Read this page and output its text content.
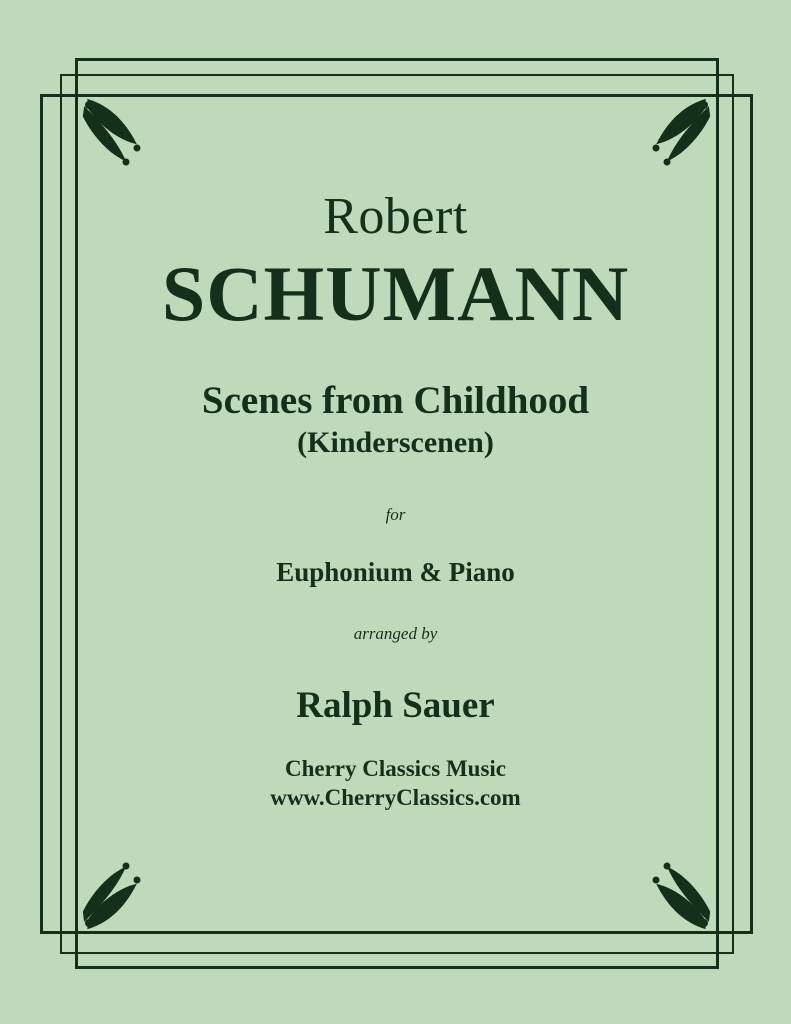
Robert
SCHUMANN
Scenes from Childhood
(Kinderscenen)

for

Euphonium & Piano

arranged by

Ralph Sauer

Cherry Classics Music

www.CherryClassics.com
